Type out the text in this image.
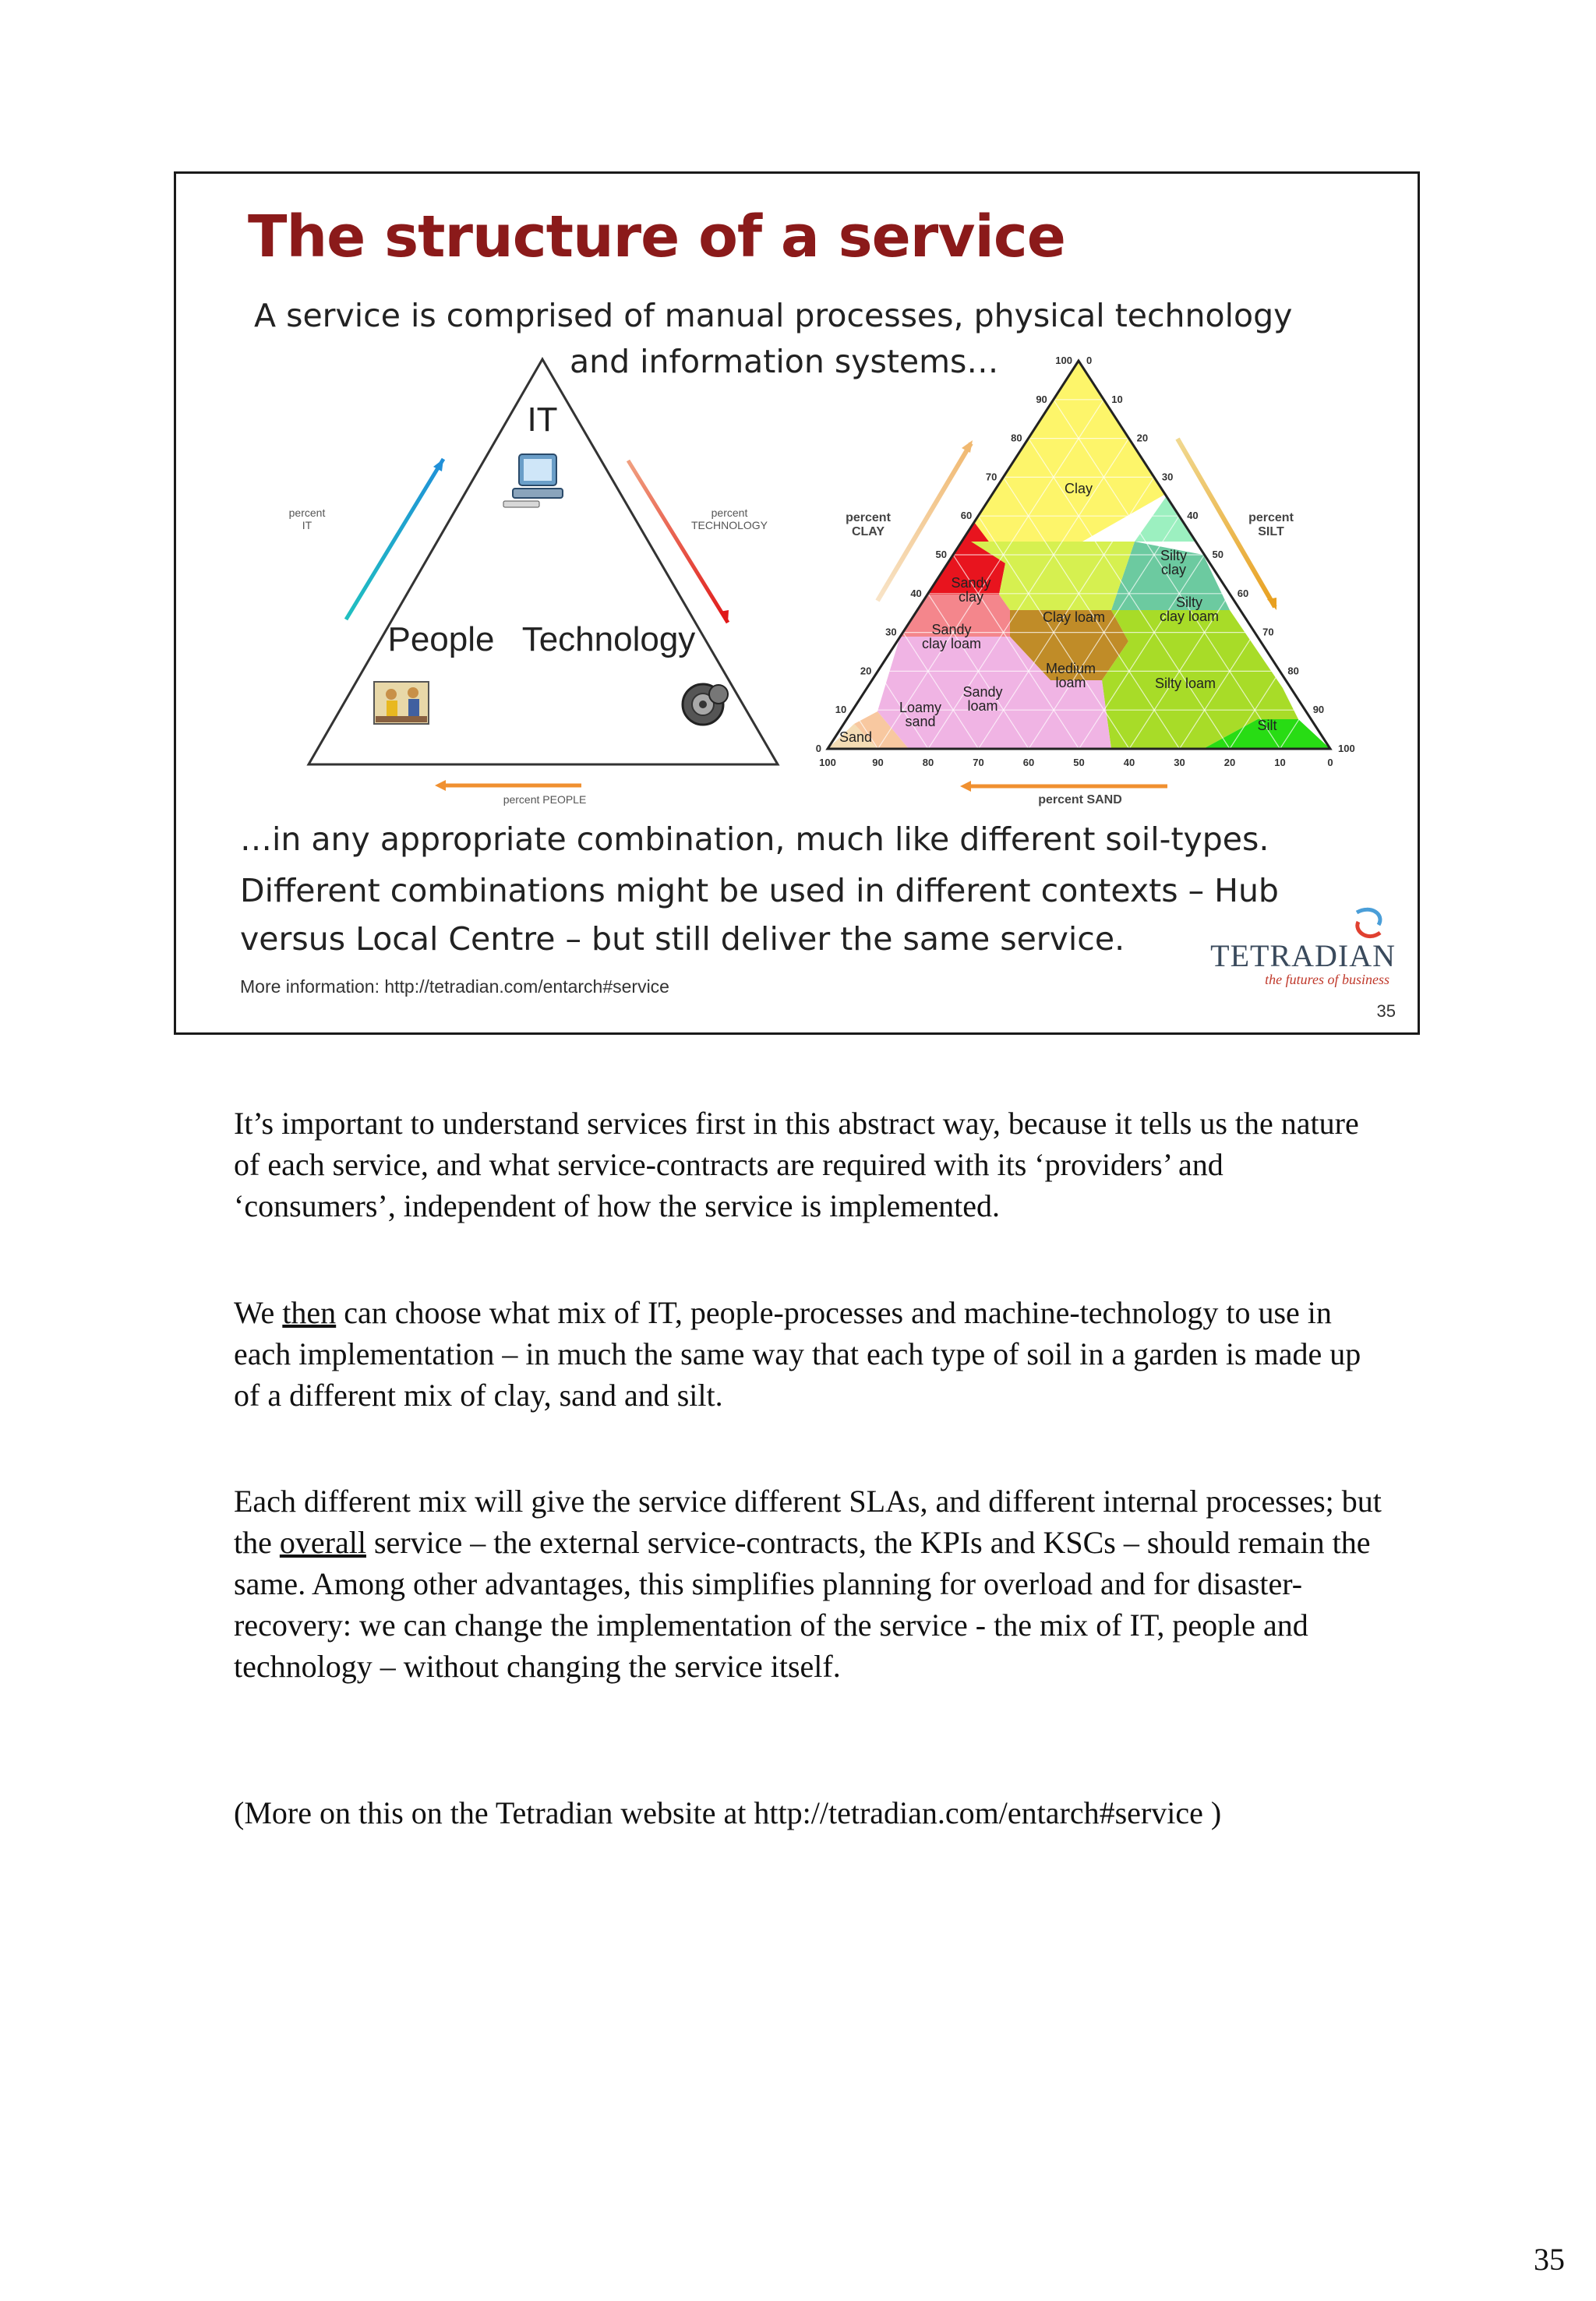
The structure of a service
A service is comprised of manual processes, physical technology
and information systems…
percent
IT
percent
TECHNOLOGY
percent PEOPLE
IT
People Technology
100
90
80
70
60
50
40
30
20
10
0
0
10
20
30
40
50
60
70
80
90
100
100	90	80	70	60	50	40	30	20	10	0
Clay
Silty clay
Sandy clay
Sandy clay loam
Clay loam
Silty clay loam
Medium loam	Silty loam
Sandy loam
Loamy sand
Sand
Silt
percent
CLAY
percent
SILT
percent SAND
…in any appropriate combination, much like different soil-types.
Different combinations might be used in different contexts – Hub
versus Local Centre – but still deliver the same service.
More information: http://tetradian.com/entarch#service
TETRADIAN
the futures of business
35

It’s important to understand services first in this abstract way, because it tells us the nature of each service, and what service-contracts are required with its ‘providers’ and ‘consumers’, independent of how the service is implemented.

We then can choose what mix of IT, people-processes and machine-technology to use in each implementation – in much the same way that each type of soil in a garden is made up of a different mix of clay, sand and silt.

Each different mix will give the service different SLAs, and different internal processes; but the overall service – the external service-contracts, the KPIs and KSCs – should remain the same. Among other advantages, this simplifies planning for overload and for disaster-recovery: we can change the implementation of the service - the mix of IT, people and technology – without changing the service itself.

(More on this on the Tetradian website at http://tetradian.com/entarch#service )

35
